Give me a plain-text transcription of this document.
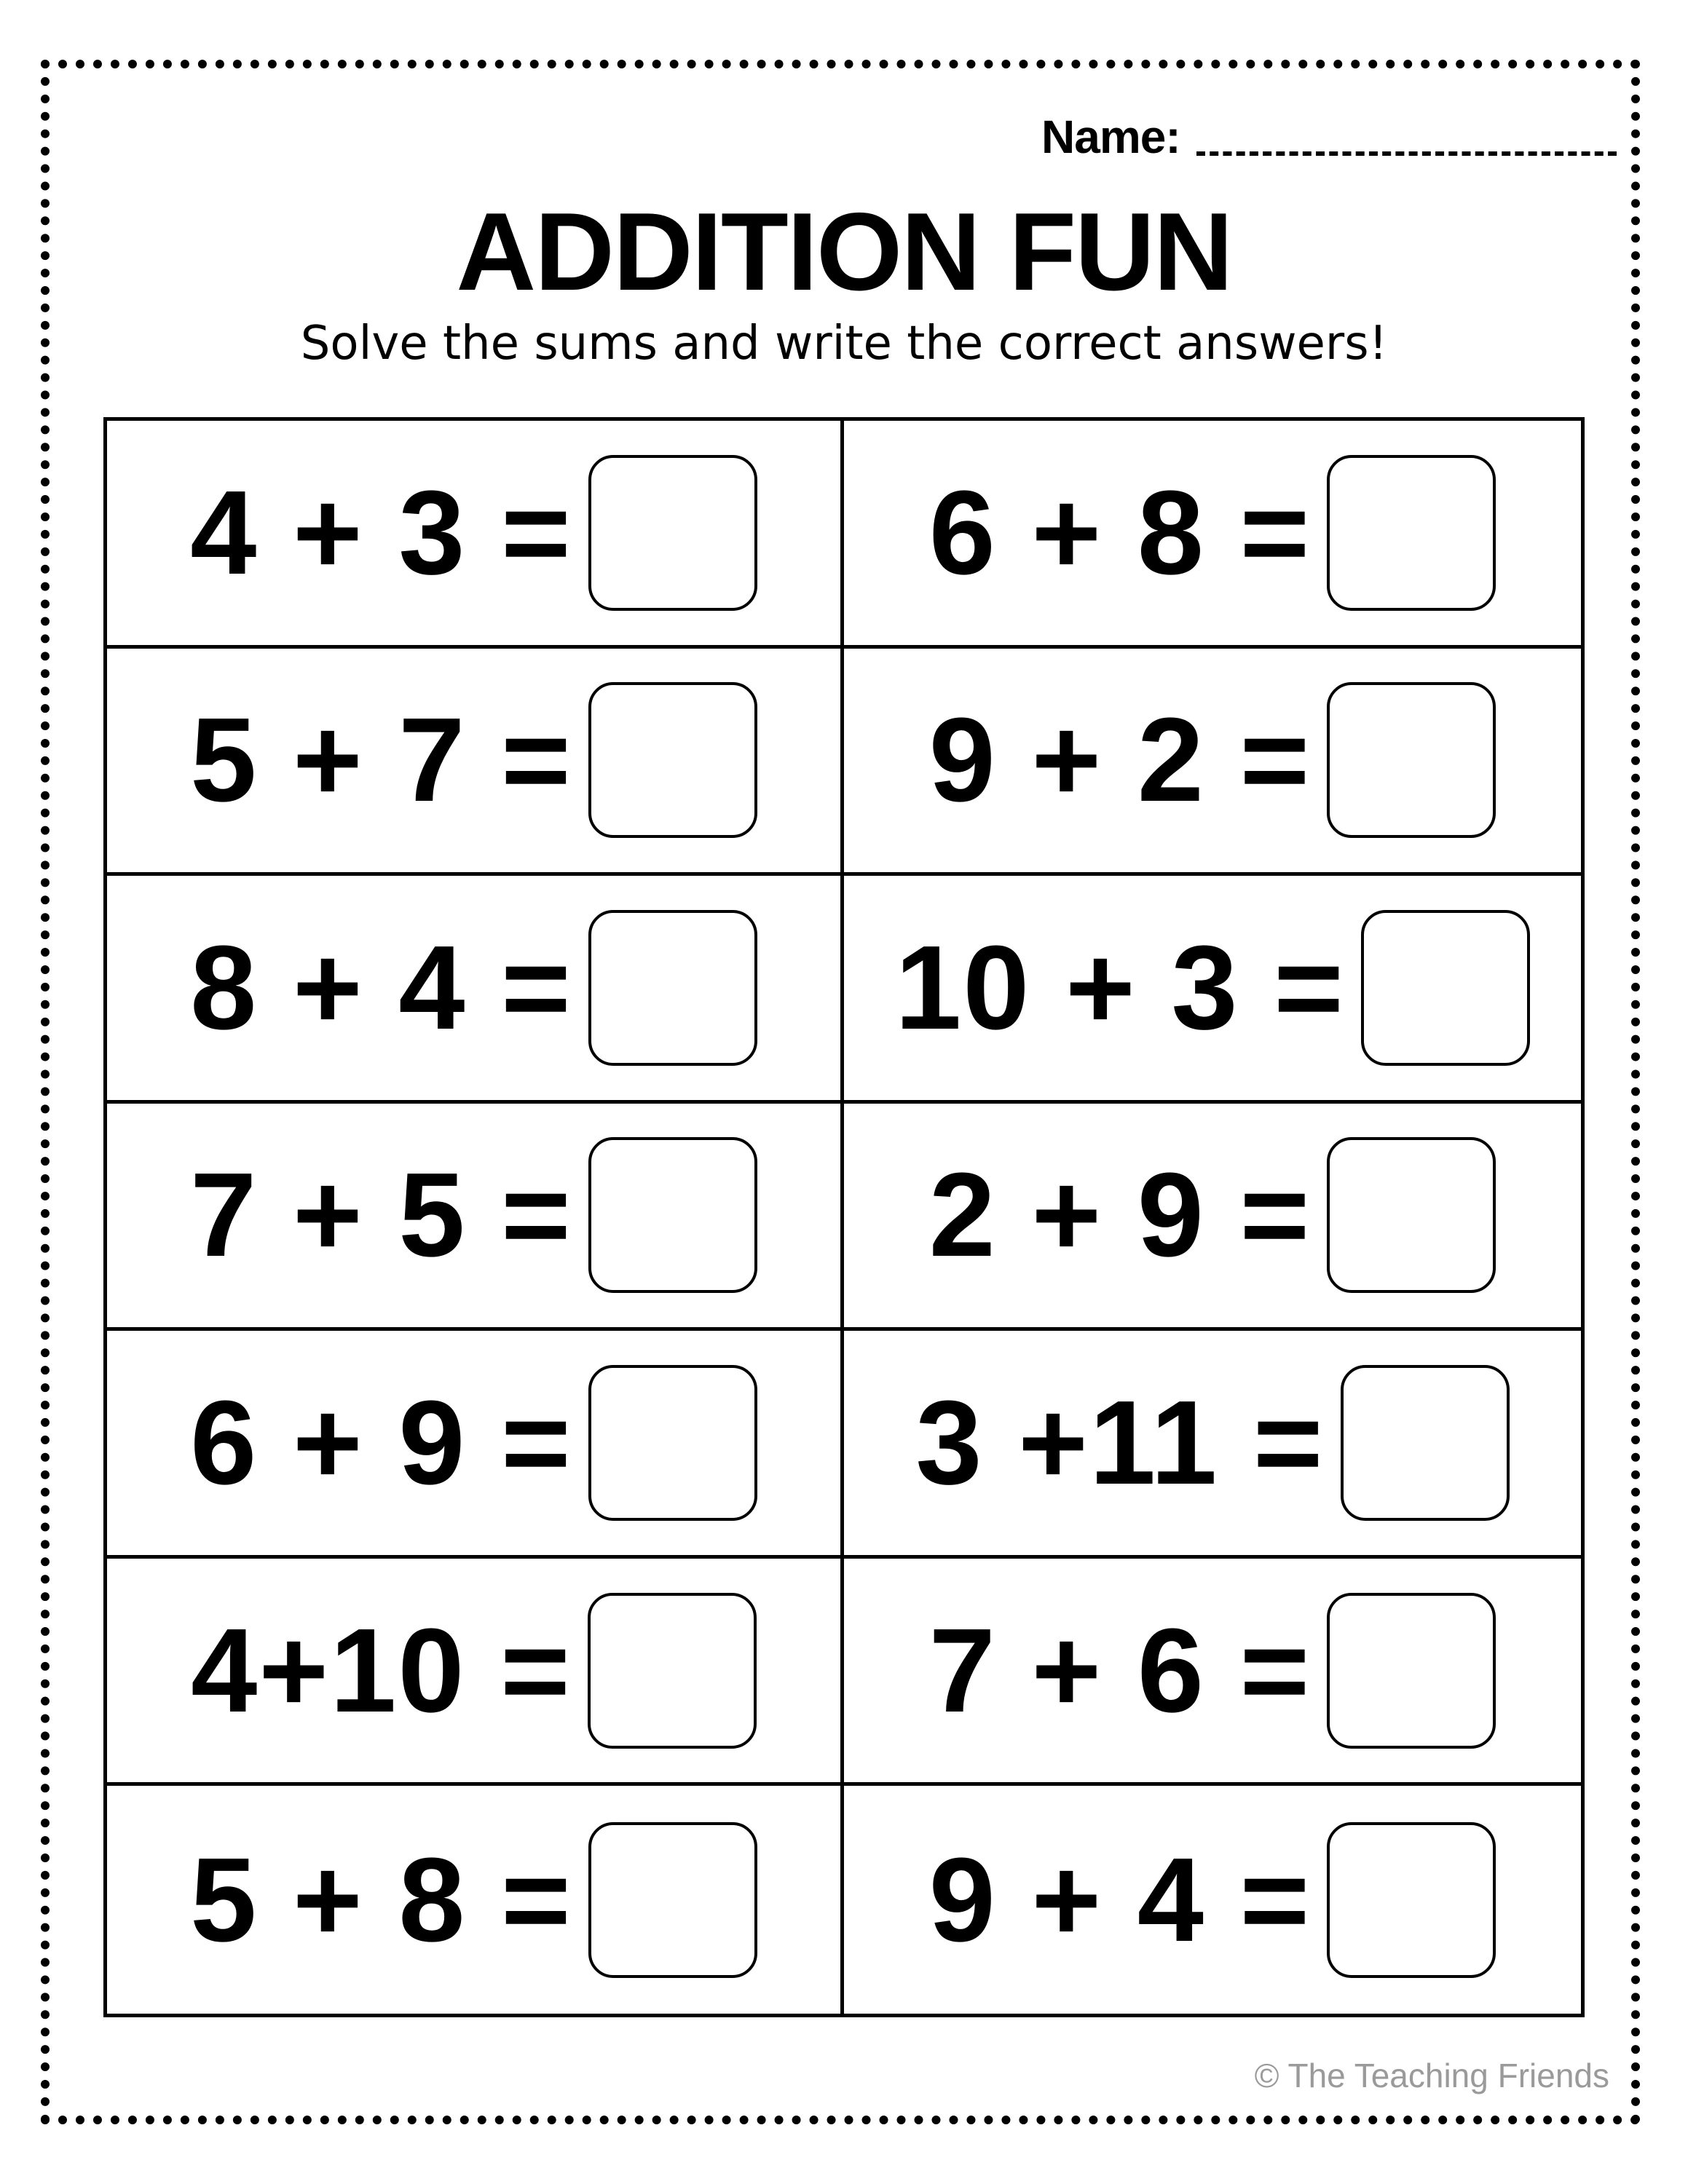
Name:
ADDITION FUN
Solve the sums and write the correct answers!
4 + 3 =	6 + 8 =
5 + 7 =	9 + 2 =
8 + 4 =	10 + 3 =
7 + 5 =	2 + 9 =
6 + 9 =	3 +11 =
4+10 =	7 + 6 =
5 + 8 =	9 + 4 =
© The Teaching Friends
